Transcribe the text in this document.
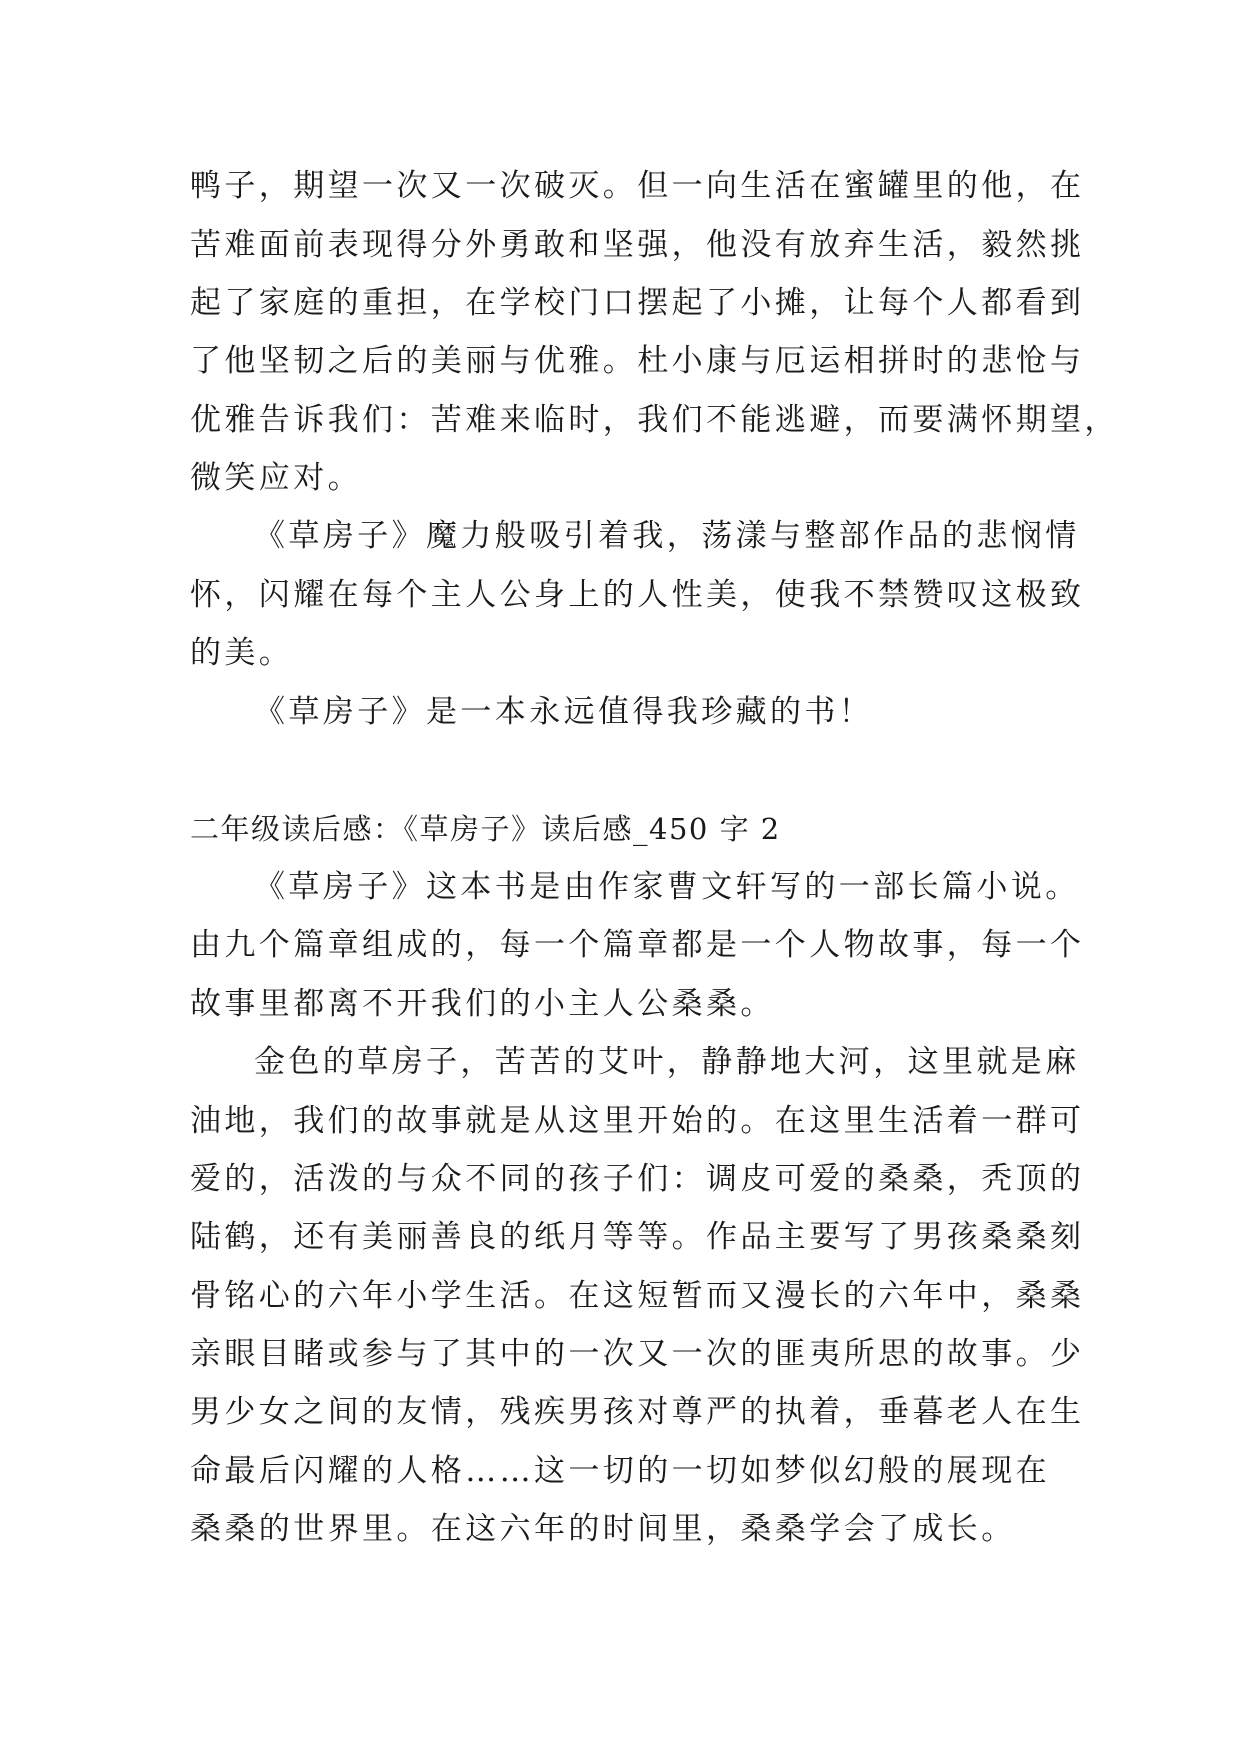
鸭子，期望一次又一次破灭。但一向生活在蜜罐里的他，在
苦难面前表现得分外勇敢和坚强，他没有放弃生活，毅然挑
起了家庭的重担，在学校门口摆起了小摊，让每个人都看到
了他坚韧之后的美丽与优雅。杜小康与厄运相拼时的悲怆与
优雅告诉我们：苦难来临时，我们不能逃避，而要满怀期望，
微笑应对。
《草房子》魔力般吸引着我，荡漾与整部作品的悲悯情
怀，闪耀在每个主人公身上的人性美，使我不禁赞叹这极致
的美。
《草房子》是一本永远值得我珍藏的书！
二年级读后感：《草房子》读后感_450 字 2
《草房子》这本书是由作家曹文轩写的一部长篇小说。
由九个篇章组成的，每一个篇章都是一个人物故事，每一个
故事里都离不开我们的小主人公桑桑。
金色的草房子，苦苦的艾叶，静静地大河，这里就是麻
油地，我们的故事就是从这里开始的。在这里生活着一群可
爱的，活泼的与众不同的孩子们：调皮可爱的桑桑，秃顶的
陆鹤，还有美丽善良的纸月等等。作品主要写了男孩桑桑刻
骨铭心的六年小学生活。在这短暂而又漫长的六年中，桑桑
亲眼目睹或参与了其中的一次又一次的匪夷所思的故事。少
男少女之间的友情，残疾男孩对尊严的执着，垂暮老人在生
命最后闪耀的人格……这一切的一切如梦似幻般的展现在
桑桑的世界里。在这六年的时间里，桑桑学会了成长。
